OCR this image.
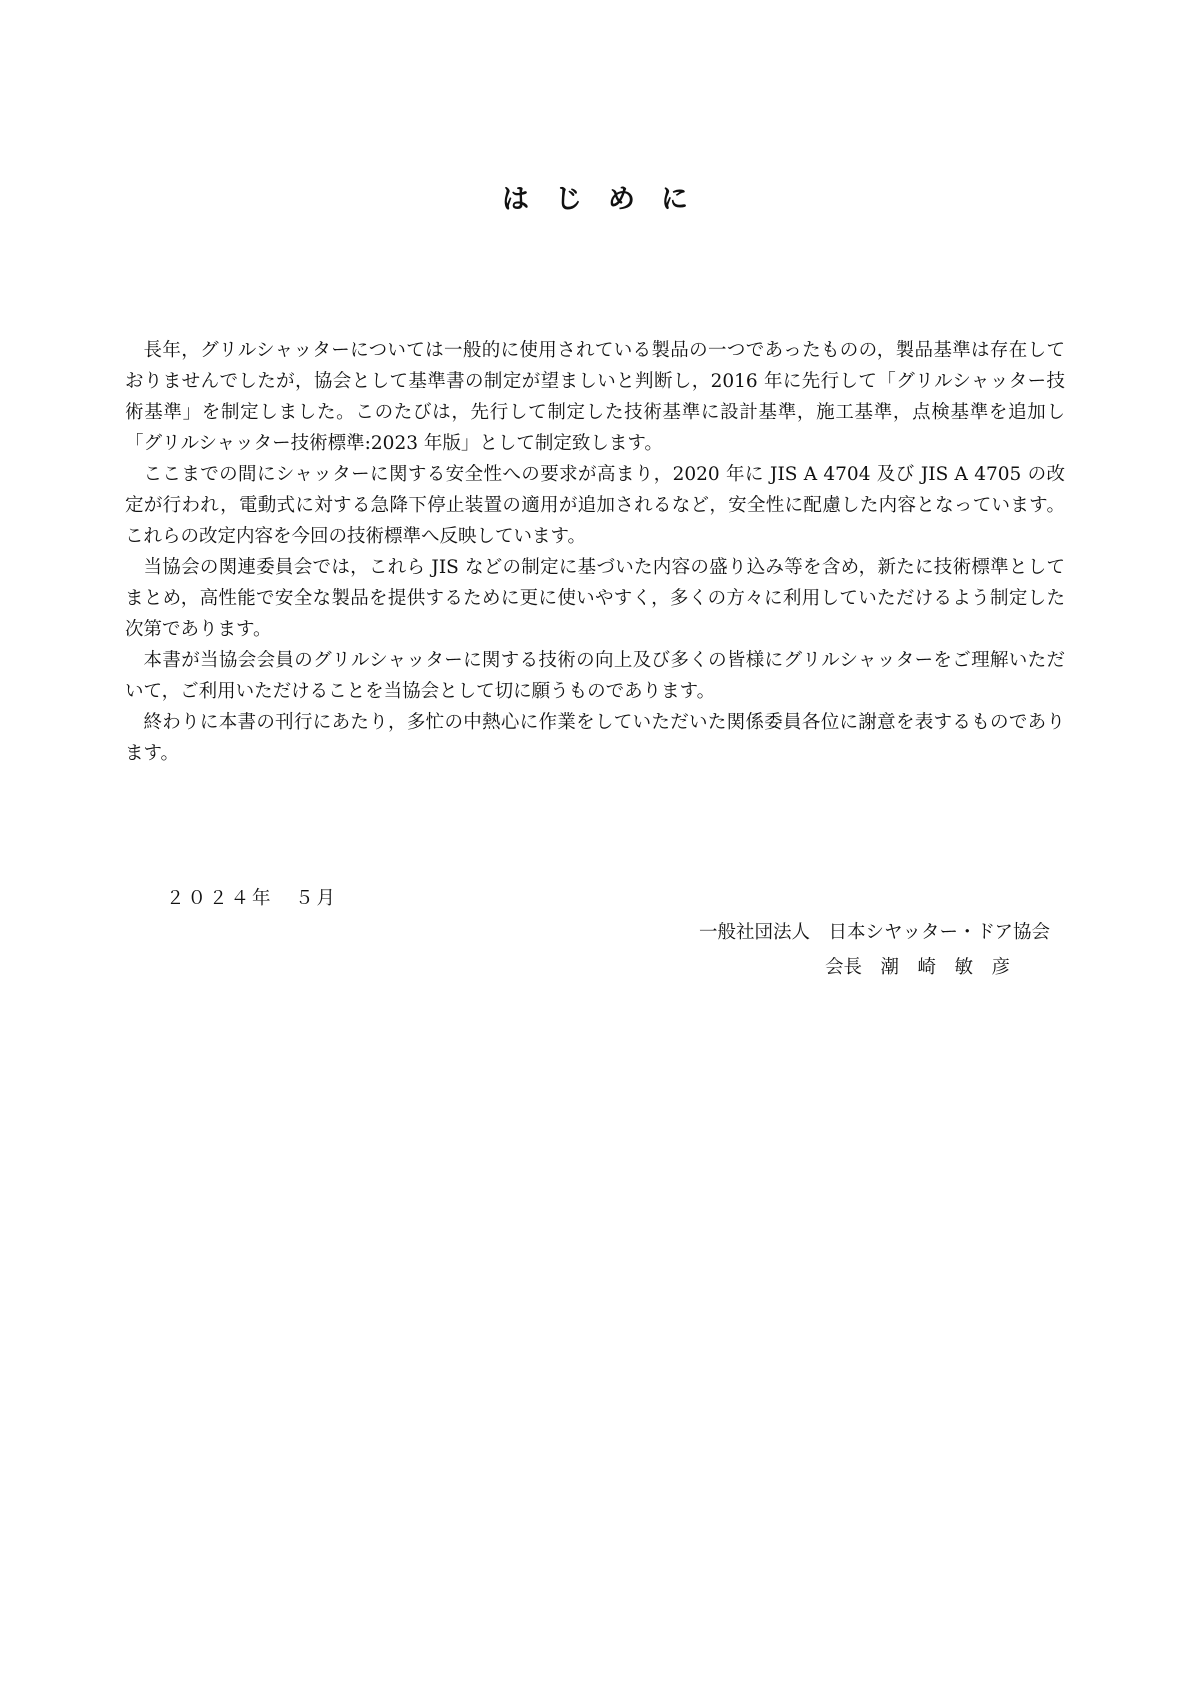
はじめに

長年，グリルシャッターについては一般的に使用されている製品の一つであったものの，製品基準は存在しておりませんでしたが，協会として基準書の制定が望ましいと判断し，2016 年に先行して「グリルシャッター技術基準」を制定しました。このたびは，先行して制定した技術基準に設計基準，施工基準，点検基準を追加し「グリルシャッター技術標準:2023 年版」として制定致します。

ここまでの間にシャッターに関する安全性への要求が高まり，2020 年に JIS A 4704 及び JIS A 4705 の改定が行われ，電動式に対する急降下停止装置の適用が追加されるなど，安全性に配慮した内容となっています。これらの改定内容を今回の技術標準へ反映しています。

当協会の関連委員会では，これら JIS などの制定に基づいた内容の盛り込み等を含め，新たに技術標準としてまとめ，高性能で安全な製品を提供するために更に使いやすく，多くの方々に利用していただけるよう制定した次第であります。

本書が当協会会員のグリルシャッターに関する技術の向上及び多くの皆様にグリルシャッターをご理解いただいて，ご利用いただけることを当協会として切に願うものであります。

終わりに本書の刊行にあたり，多忙の中熱心に作業をしていただいた関係委員各位に謝意を表するものであります。

２０２４年　５月
一般社団法人　日本シヤッター・ドア協会
会長　潮　崎　敏　彦
